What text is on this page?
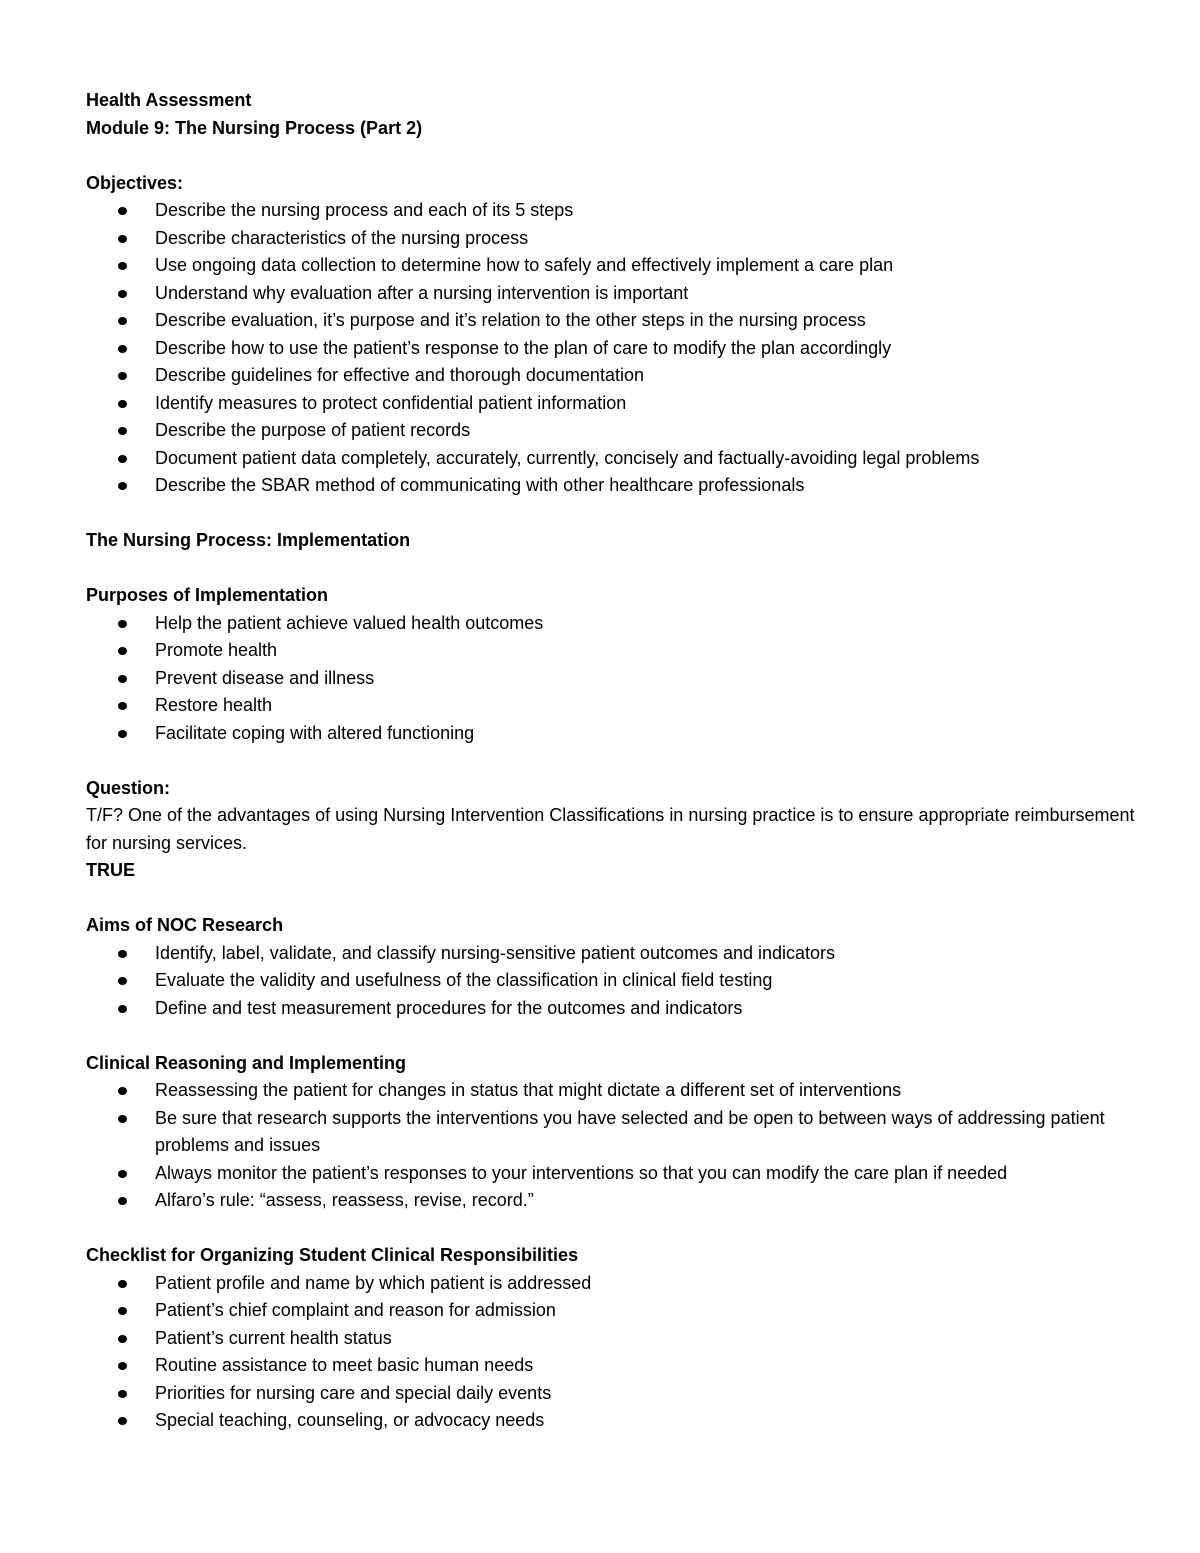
Health Assessment
Module 9: The Nursing Process (Part 2)
Objectives:
Describe the nursing process and each of its 5 steps
Describe characteristics of the nursing process
Use ongoing data collection to determine how to safely and effectively implement a care plan
Understand why evaluation after a nursing intervention is important
Describe evaluation, it’s purpose and it’s relation to the other steps in the nursing process
Describe how to use the patient’s response to the plan of care to modify the plan accordingly
Describe guidelines for effective and thorough documentation
Identify measures to protect confidential patient information
Describe the purpose of patient records
Document patient data completely, accurately, currently, concisely and factually-avoiding legal problems
Describe the SBAR method of communicating with other healthcare professionals
The Nursing Process: Implementation
Purposes of Implementation
Help the patient achieve valued health outcomes
Promote health
Prevent disease and illness
Restore health
Facilitate coping with altered functioning
Question:
T/F? One of the advantages of using Nursing Intervention Classifications in nursing practice is to ensure appropriate reimbursement for nursing services.
TRUE
Aims of NOC Research
Identify, label, validate, and classify nursing-sensitive patient outcomes and indicators
Evaluate the validity and usefulness of the classification in clinical field testing
Define and test measurement procedures for the outcomes and indicators
Clinical Reasoning and Implementing
Reassessing the patient for changes in status that might dictate a different set of interventions
Be sure that research supports the interventions you have selected and be open to between ways of addressing patient problems and issues
Always monitor the patient’s responses to your interventions so that you can modify the care plan if needed
Alfaro’s rule: “assess, reassess, revise, record.”
Checklist for Organizing Student Clinical Responsibilities
Patient profile and name by which patient is addressed
Patient’s chief complaint and reason for admission
Patient’s current health status
Routine assistance to meet basic human needs
Priorities for nursing care and special daily events
Special teaching, counseling, or advocacy needs
